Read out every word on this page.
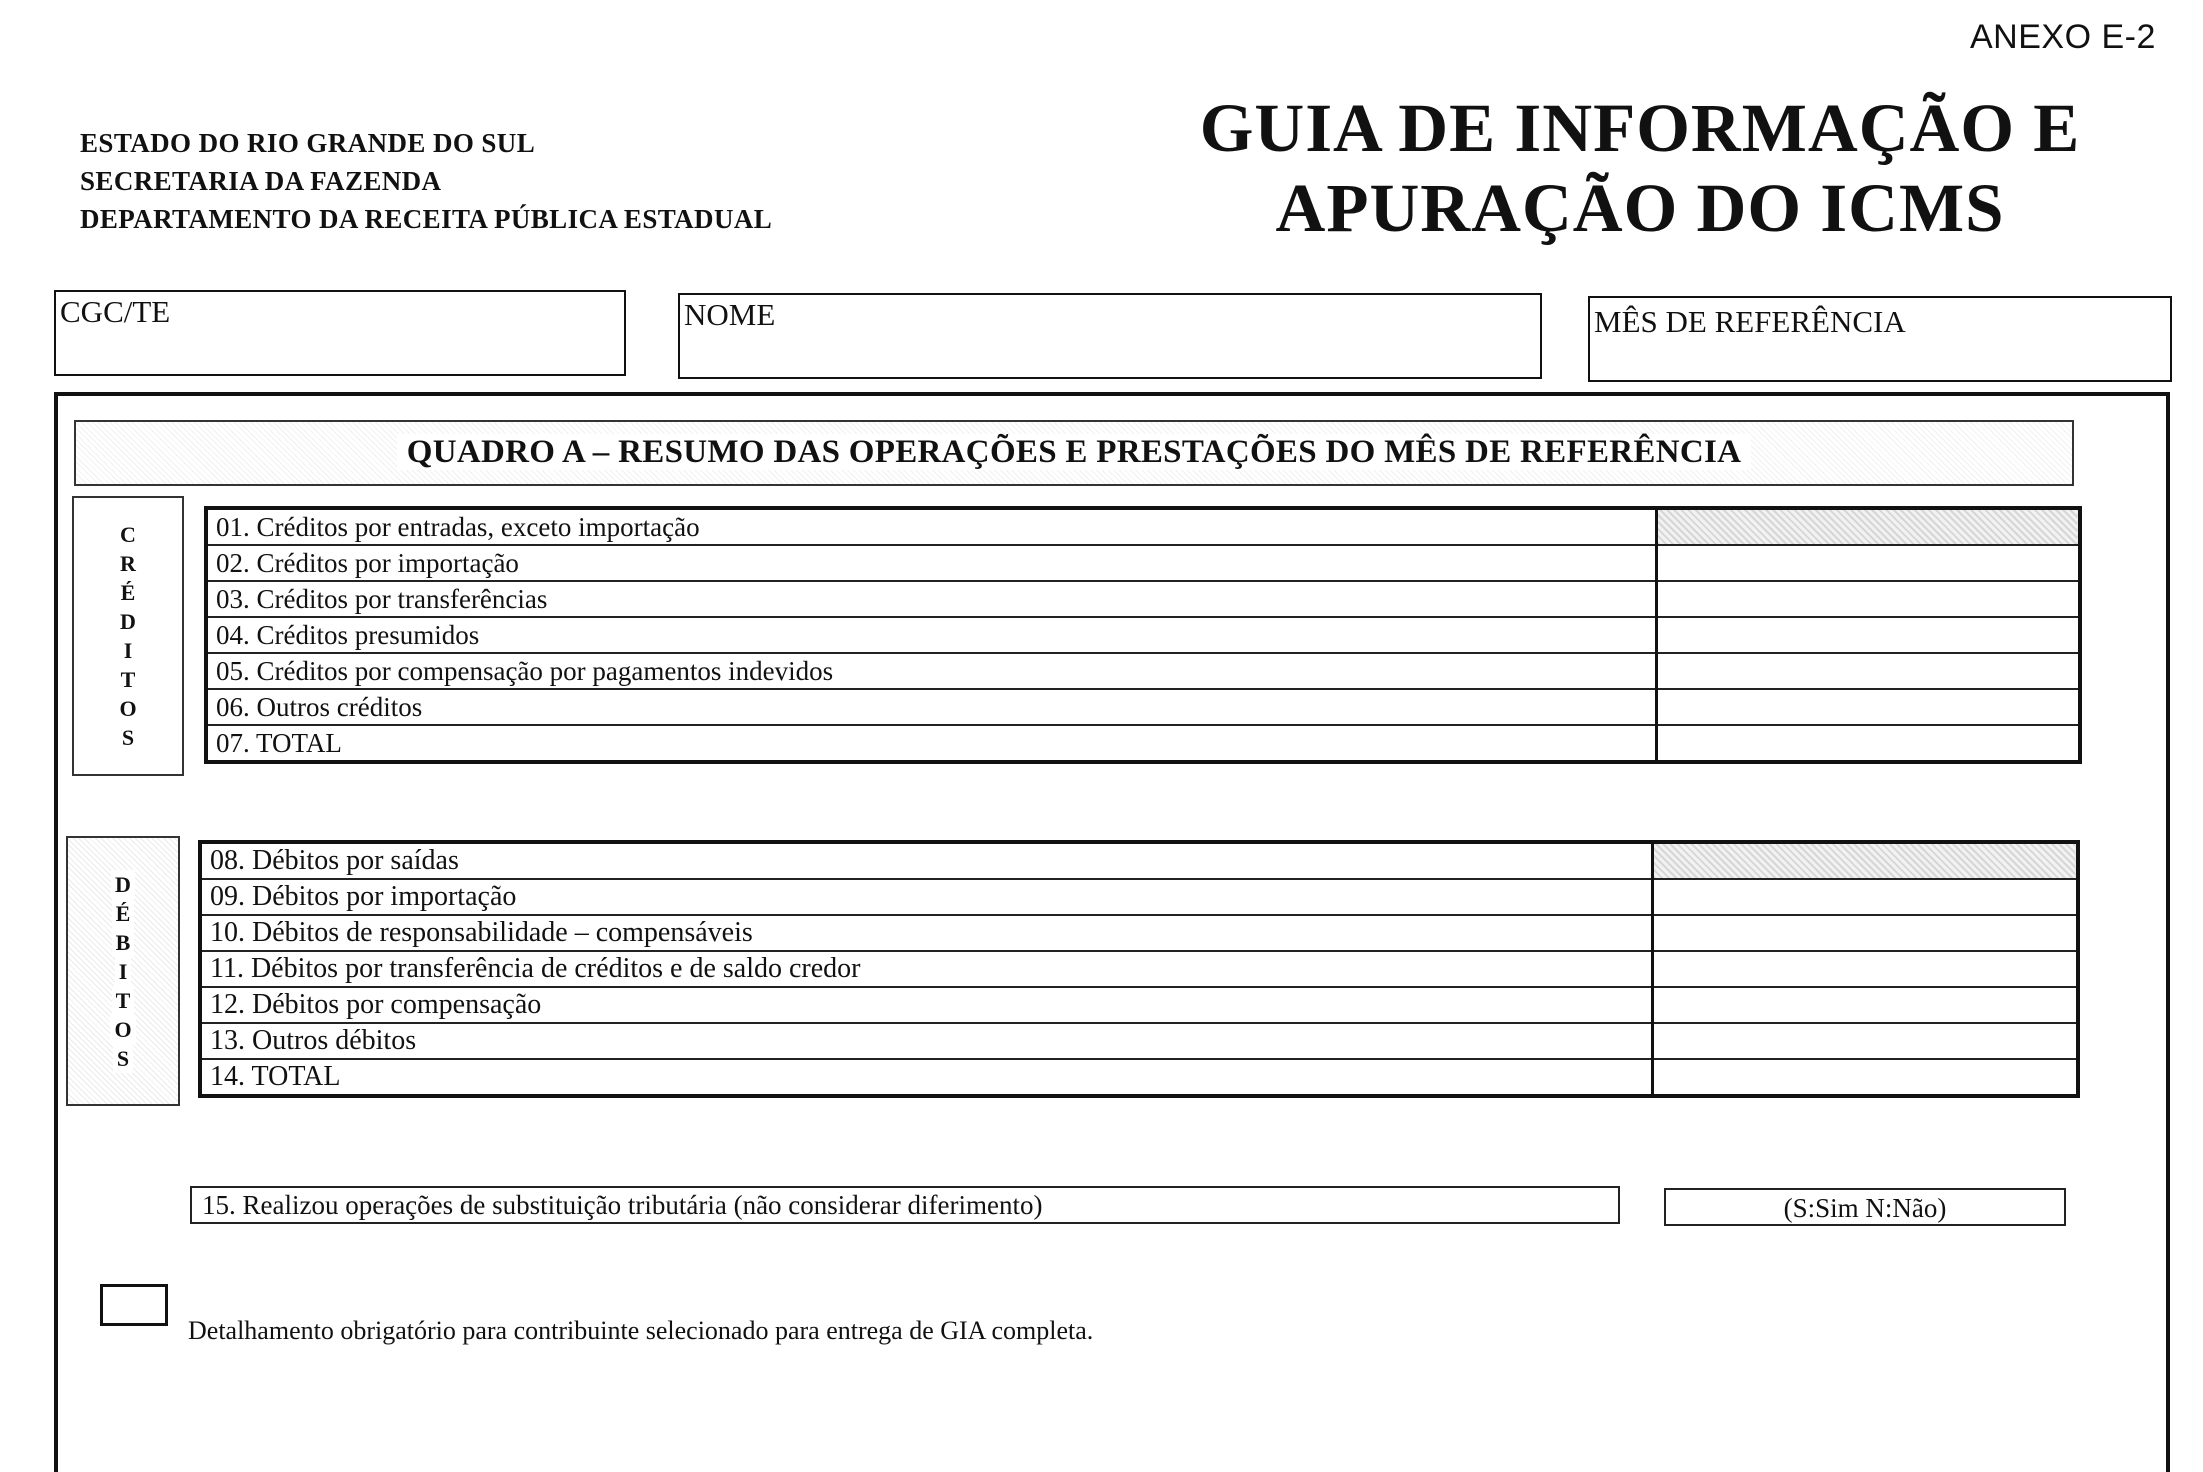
ANEXO E-2
ESTADO DO RIO GRANDE DO SUL
SECRETARIA DA FAZENDA
DEPARTAMENTO DA RECEITA PÚBLICA ESTADUAL
GUIA DE INFORMAÇÃO E
APURAÇÃO DO ICMS
CGC/TE	NOME	MÊS DE REFERÊNCIA
QUADRO A – RESUMO DAS OPERAÇÕES E PRESTAÇÕES DO MÊS DE REFERÊNCIA
C
R
É
D
I
T
O
S
01. Créditos por entradas, exceto importação	
02. Créditos por importação	
03. Créditos por transferências	
04. Créditos presumidos	
05. Créditos por compensação por pagamentos indevidos	
06. Outros créditos	
07. TOTAL	
D
É
B
I
T
O
S
08. Débitos por saídas	
09. Débitos por importação	
10. Débitos de responsabilidade – compensáveis	
11. Débitos por transferência de créditos e de saldo credor	
12. Débitos por compensação	
13. Outros débitos	
14. TOTAL	
15. Realizou operações de substituição tributária (não considerar diferimento)	(S:Sim N:Não)
Detalhamento obrigatório para contribuinte selecionado para entrega de GIA completa.
